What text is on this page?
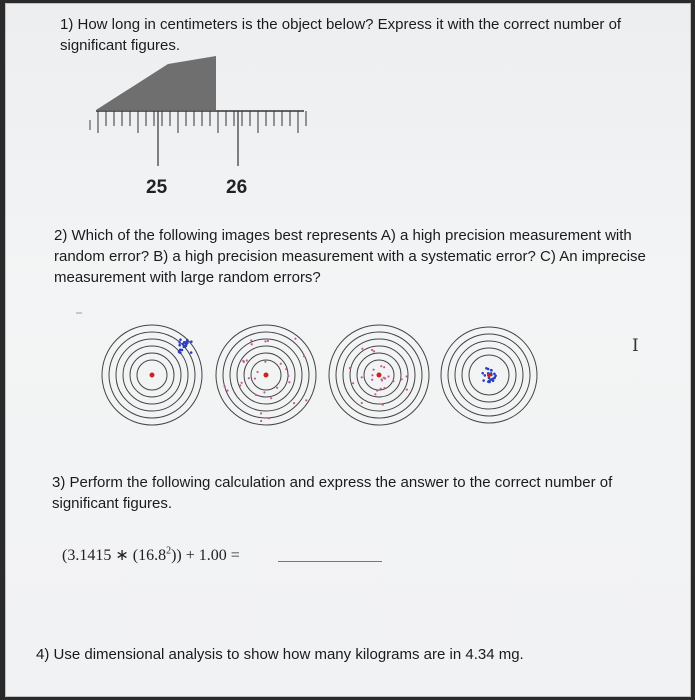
1) How long in centimeters is the object below? Express it with the correct number of significant figures.
25	26
2) Which of the following images best represents A) a high precision measurement with random error? B) a high precision measurement with a systematic error? C) An imprecise measurement with large random errors?
I
3) Perform the following calculation and express the answer to the correct number of significant figures.
(3.1415 ∗ $(16.8^2)) + 1.00$ =
4) Use dimensional analysis to show how many kilograms are in 4.34 mg.
